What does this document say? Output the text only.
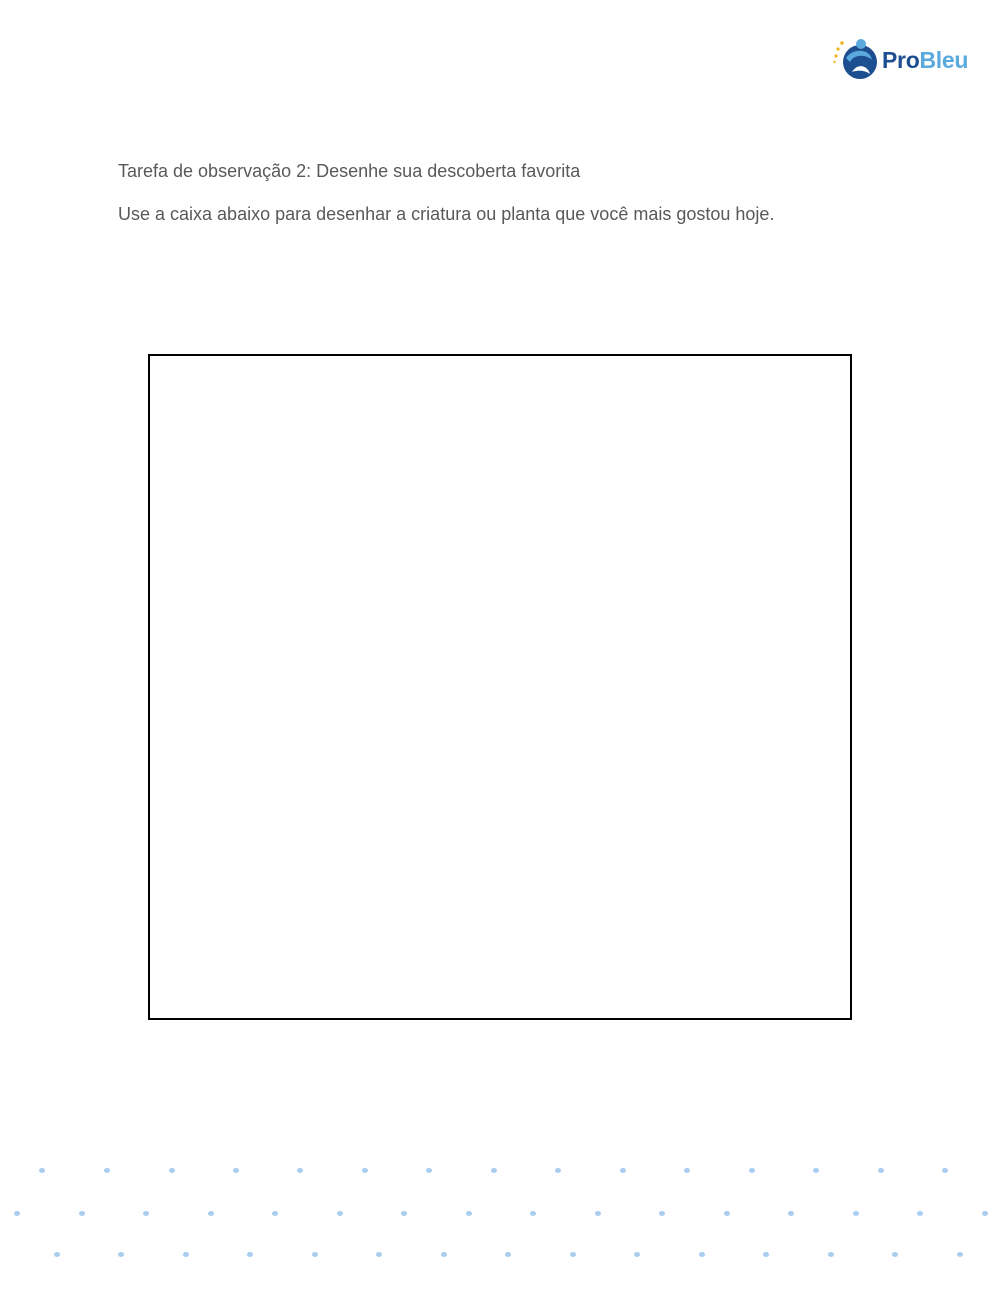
ProBleu
Tarefa de observação 2: Desenhe sua descoberta favorita
Use a caixa abaixo para desenhar a criatura ou planta que você mais gostou hoje.
